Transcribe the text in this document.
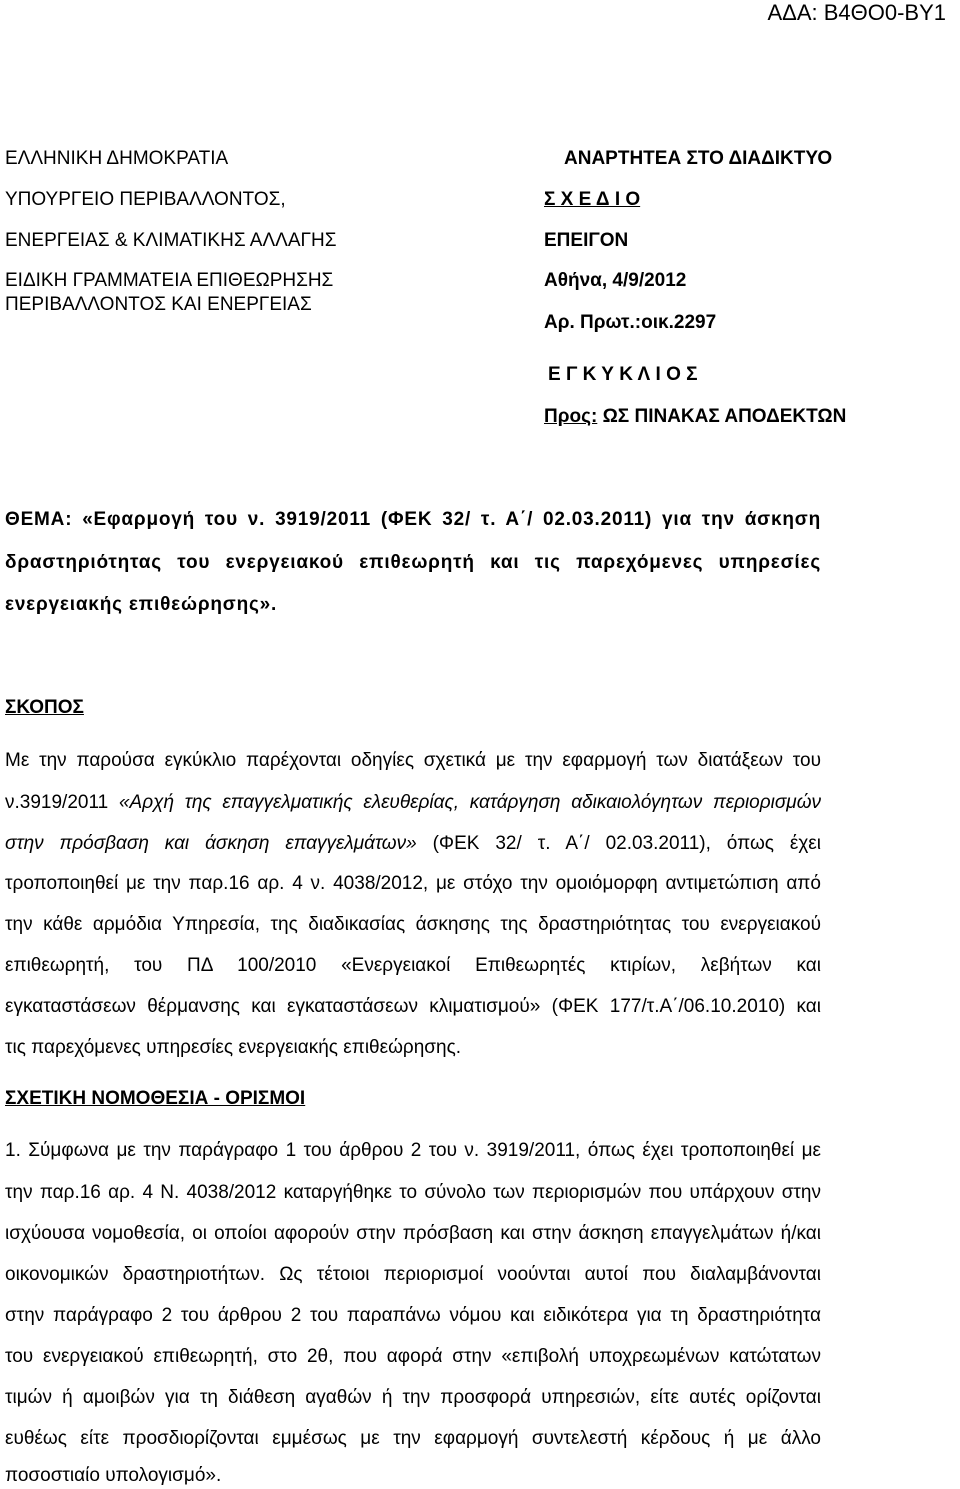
ΑΔΑ: Β4ΘΟ0-ΒΥ1
ΕΛΛΗΝΙΚΗ ΔΗΜΟΚΡΑΤΙΑ
ΥΠΟΥΡΓΕΙΟ ΠΕΡΙΒΑΛΛΟΝΤΟΣ,
ΕΝΕΡΓΕΙΑΣ & ΚΛΙΜΑΤΙΚΗΣ ΑΛΛΑΓΗΣ
ΕΙΔΙΚΗ ΓΡΑΜΜΑΤΕΙΑ ΕΠΙΘΕΩΡΗΣΗΣ
ΠΕΡΙΒΑΛΛΟΝΤΟΣ ΚΑΙ ΕΝΕΡΓΕΙΑΣ
ΑΝΑΡΤΗΤΕΑ ΣΤΟ ΔΙΑΔΙΚΤΥΟ
Σ Χ Ε Δ Ι Ο
ΕΠΕΙΓΟΝ
Αθήνα, 4/9/2012
Αρ. Πρωτ.:οικ.2297
Ε Γ Κ Υ Κ Λ Ι Ο Σ
Προς: ΩΣ ΠΙΝΑΚΑΣ ΑΠΟΔΕΚΤΩΝ
ΘΕΜΑ: «Εφαρμογή του ν. 3919/2011 (ΦΕΚ 32/ τ. Α΄/ 02.03.2011) για την άσκηση
δραστηριότητας του ενεργειακού επιθεωρητή και τις παρεχόμενες υπηρεσίες
ενεργειακής επιθεώρησης».
ΣΚΟΠΟΣ
Με την παρούσα εγκύκλιο παρέχονται οδηγίες σχετικά με την εφαρμογή των διατάξεων του
ν.3919/2011 «Αρχή της επαγγελματικής ελευθερίας, κατάργηση αδικαιολόγητων περιορισμών
στην πρόσβαση και άσκηση επαγγελμάτων» (ΦΕΚ 32/ τ. Α΄/ 02.03.2011), όπως έχει
τροποποιηθεί με την παρ.16 αρ. 4 ν. 4038/2012, με στόχο την ομοιόμορφη αντιμετώπιση από
την κάθε αρμόδια Υπηρεσία, της διαδικασίας άσκησης της δραστηριότητας του ενεργειακού
επιθεωρητή, του ΠΔ 100/2010 «Ενεργειακοί Επιθεωρητές κτιρίων, λεβήτων και
εγκαταστάσεων θέρμανσης και εγκαταστάσεων κλιματισμού» (ΦΕΚ 177/τ.Α΄/06.10.2010) και
τις παρεχόμενες υπηρεσίες ενεργειακής επιθεώρησης.
ΣΧΕΤΙΚΗ ΝΟΜΟΘΕΣΙΑ - ΟΡΙΣΜΟΙ
1. Σύμφωνα με την παράγραφο 1 του άρθρου 2 του ν. 3919/2011, όπως έχει τροποποιηθεί με
την παρ.16 αρ. 4 Ν. 4038/2012 καταργήθηκε το σύνολο των περιορισμών που υπάρχουν στην
ισχύουσα νομοθεσία, οι οποίοι αφορούν στην πρόσβαση και στην άσκηση επαγγελμάτων ή/και
οικονομικών δραστηριοτήτων. Ως τέτοιοι περιορισμοί νοούνται αυτοί που διαλαμβάνονται
στην παράγραφο 2 του άρθρου 2 του παραπάνω νόμου και ειδικότερα για τη δραστηριότητα
του ενεργειακού επιθεωρητή, στο 2θ, που αφορά στην «επιβολή υποχρεωμένων κατώτατων
τιμών ή αμοιβών για τη διάθεση αγαθών ή την προσφορά υπηρεσιών, είτε αυτές ορίζονται
ευθέως είτε προσδιορίζονται εμμέσως με την εφαρμογή συντελεστή κέρδους ή με άλλο
ποσοστιαίο υπολογισμό».
